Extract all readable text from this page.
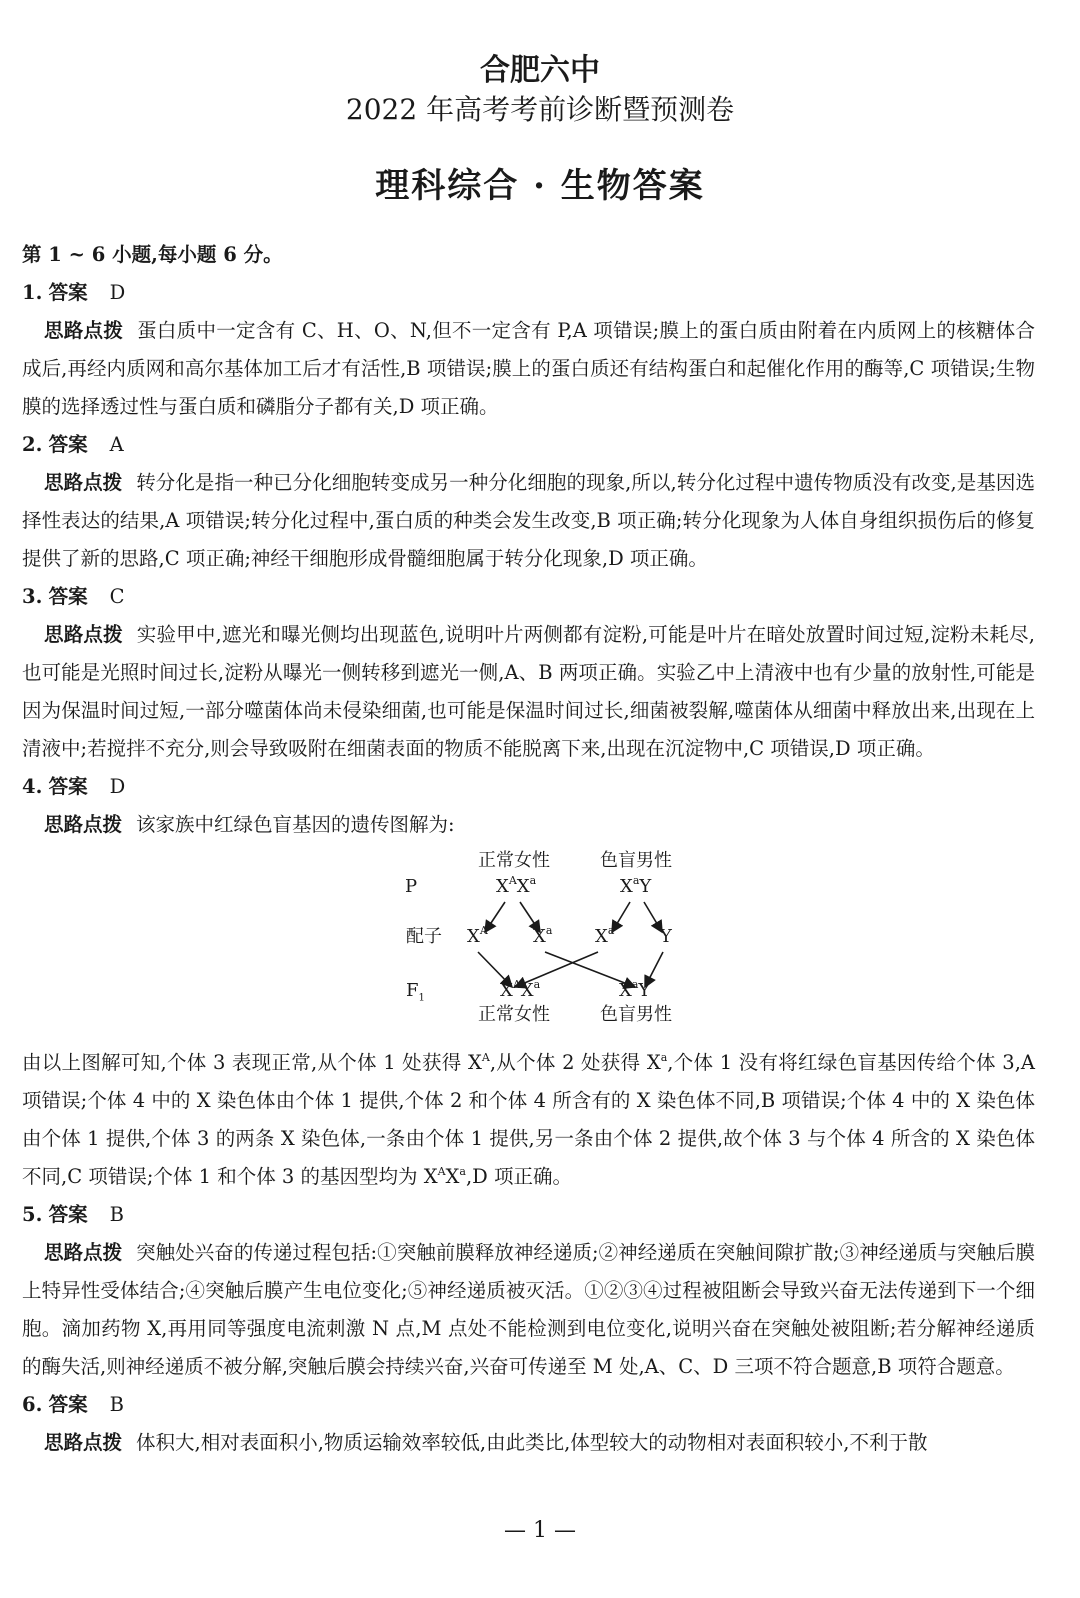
合肥六中
2022 年高考考前诊断暨预测卷
理科综合 · 生物答案

第 1 ~ 6 小题,每小题 6 分。

1. 答案 D

思路点拨 蛋白质中一定含有 C、H、O、N,但不一定含有 P,A 项错误;膜上的蛋白质由附着在内质网上的核糖体合成后,再经内质网和高尔基体加工后才有活性,B 项错误;膜上的蛋白质还有结构蛋白和起催化作用的酶等,C 项错误;生物膜的选择透过性与蛋白质和磷脂分子都有关,D 项正确。

2. 答案 A

思路点拨 转分化是指一种已分化细胞转变成另一种分化细胞的现象,所以,转分化过程中遗传物质没有改变,是基因选择性表达的结果,A 项错误;转分化过程中,蛋白质的种类会发生改变,B 项正确;转分化现象为人体自身组织损伤后的修复提供了新的思路,C 项正确;神经干细胞形成骨髓细胞属于转分化现象,D 项正确。

3. 答案 C

思路点拨 实验甲中,遮光和曝光侧均出现蓝色,说明叶片两侧都有淀粉,可能是叶片在暗处放置时间过短,淀粉未耗尽,也可能是光照时间过长,淀粉从曝光一侧转移到遮光一侧,A、B 两项正确。实验乙中上清液中也有少量的放射性,可能是因为保温时间过短,一部分噬菌体尚未侵染细菌,也可能是保温时间过长,细菌被裂解,噬菌体从细菌中释放出来,出现在上清液中;若搅拌不充分,则会导致吸附在细菌表面的物质不能脱离下来,出现在沉淀物中,C 项错误,D 项正确。

4. 答案 D

思路点拨 该家族中红绿色盲基因的遗传图解为:

正常女性	色盲男性
P	$X^AX^a$	$X^aY$
配子 $X^A$	$X^a$ $X^a$	Y
$F_1$	$X^AX^a$	$X^aY$
正常女性	色盲男性

由以上图解可知,个体 3 表现正常,从个体 1 处获得 $X^A$,从个体 2 处获得 $X^a$,个体 1 没有将红绿色盲基因传给个体 3,A 项错误;个体 4 中的 X 染色体由个体 1 提供,个体 2 和个体 4 所含有的 X 染色体不同,B 项错误;个体 4 中的 X 染色体由个体 1 提供,个体 3 的两条 X 染色体,一条由个体 1 提供,另一条由个体 2 提供,故个体 3 与个体 4 所含的 X 染色体不同,C 项错误;个体 1 和个体 3 的基因型均为 $X^AX^a,D$ 项正确。

5. 答案 B

思路点拨 突触处兴奋的传递过程包括:①突触前膜释放神经递质;②神经递质在突触间隙扩散;③神经递质与突触后膜上特异性受体结合;④突触后膜产生电位变化;⑤神经递质被灭活。①②③④过程被阻断会导致兴奋无法传递到下一个细胞。滴加药物 X,再用同等强度电流刺激 N 点,M 点处不能检测到电位变化,说明兴奋在突触处被阻断;若分解神经递质的酶失活,则神经递质不被分解,突触后膜会持续兴奋,兴奋可传递至 M 处,A、C、D 三项不符合题意,B 项符合题意。

6. 答案 B

思路点拨 体积大,相对表面积小,物质运输效率较低,由此类比,体型较大的动物相对表面积较小,不利于散

— 1 —
